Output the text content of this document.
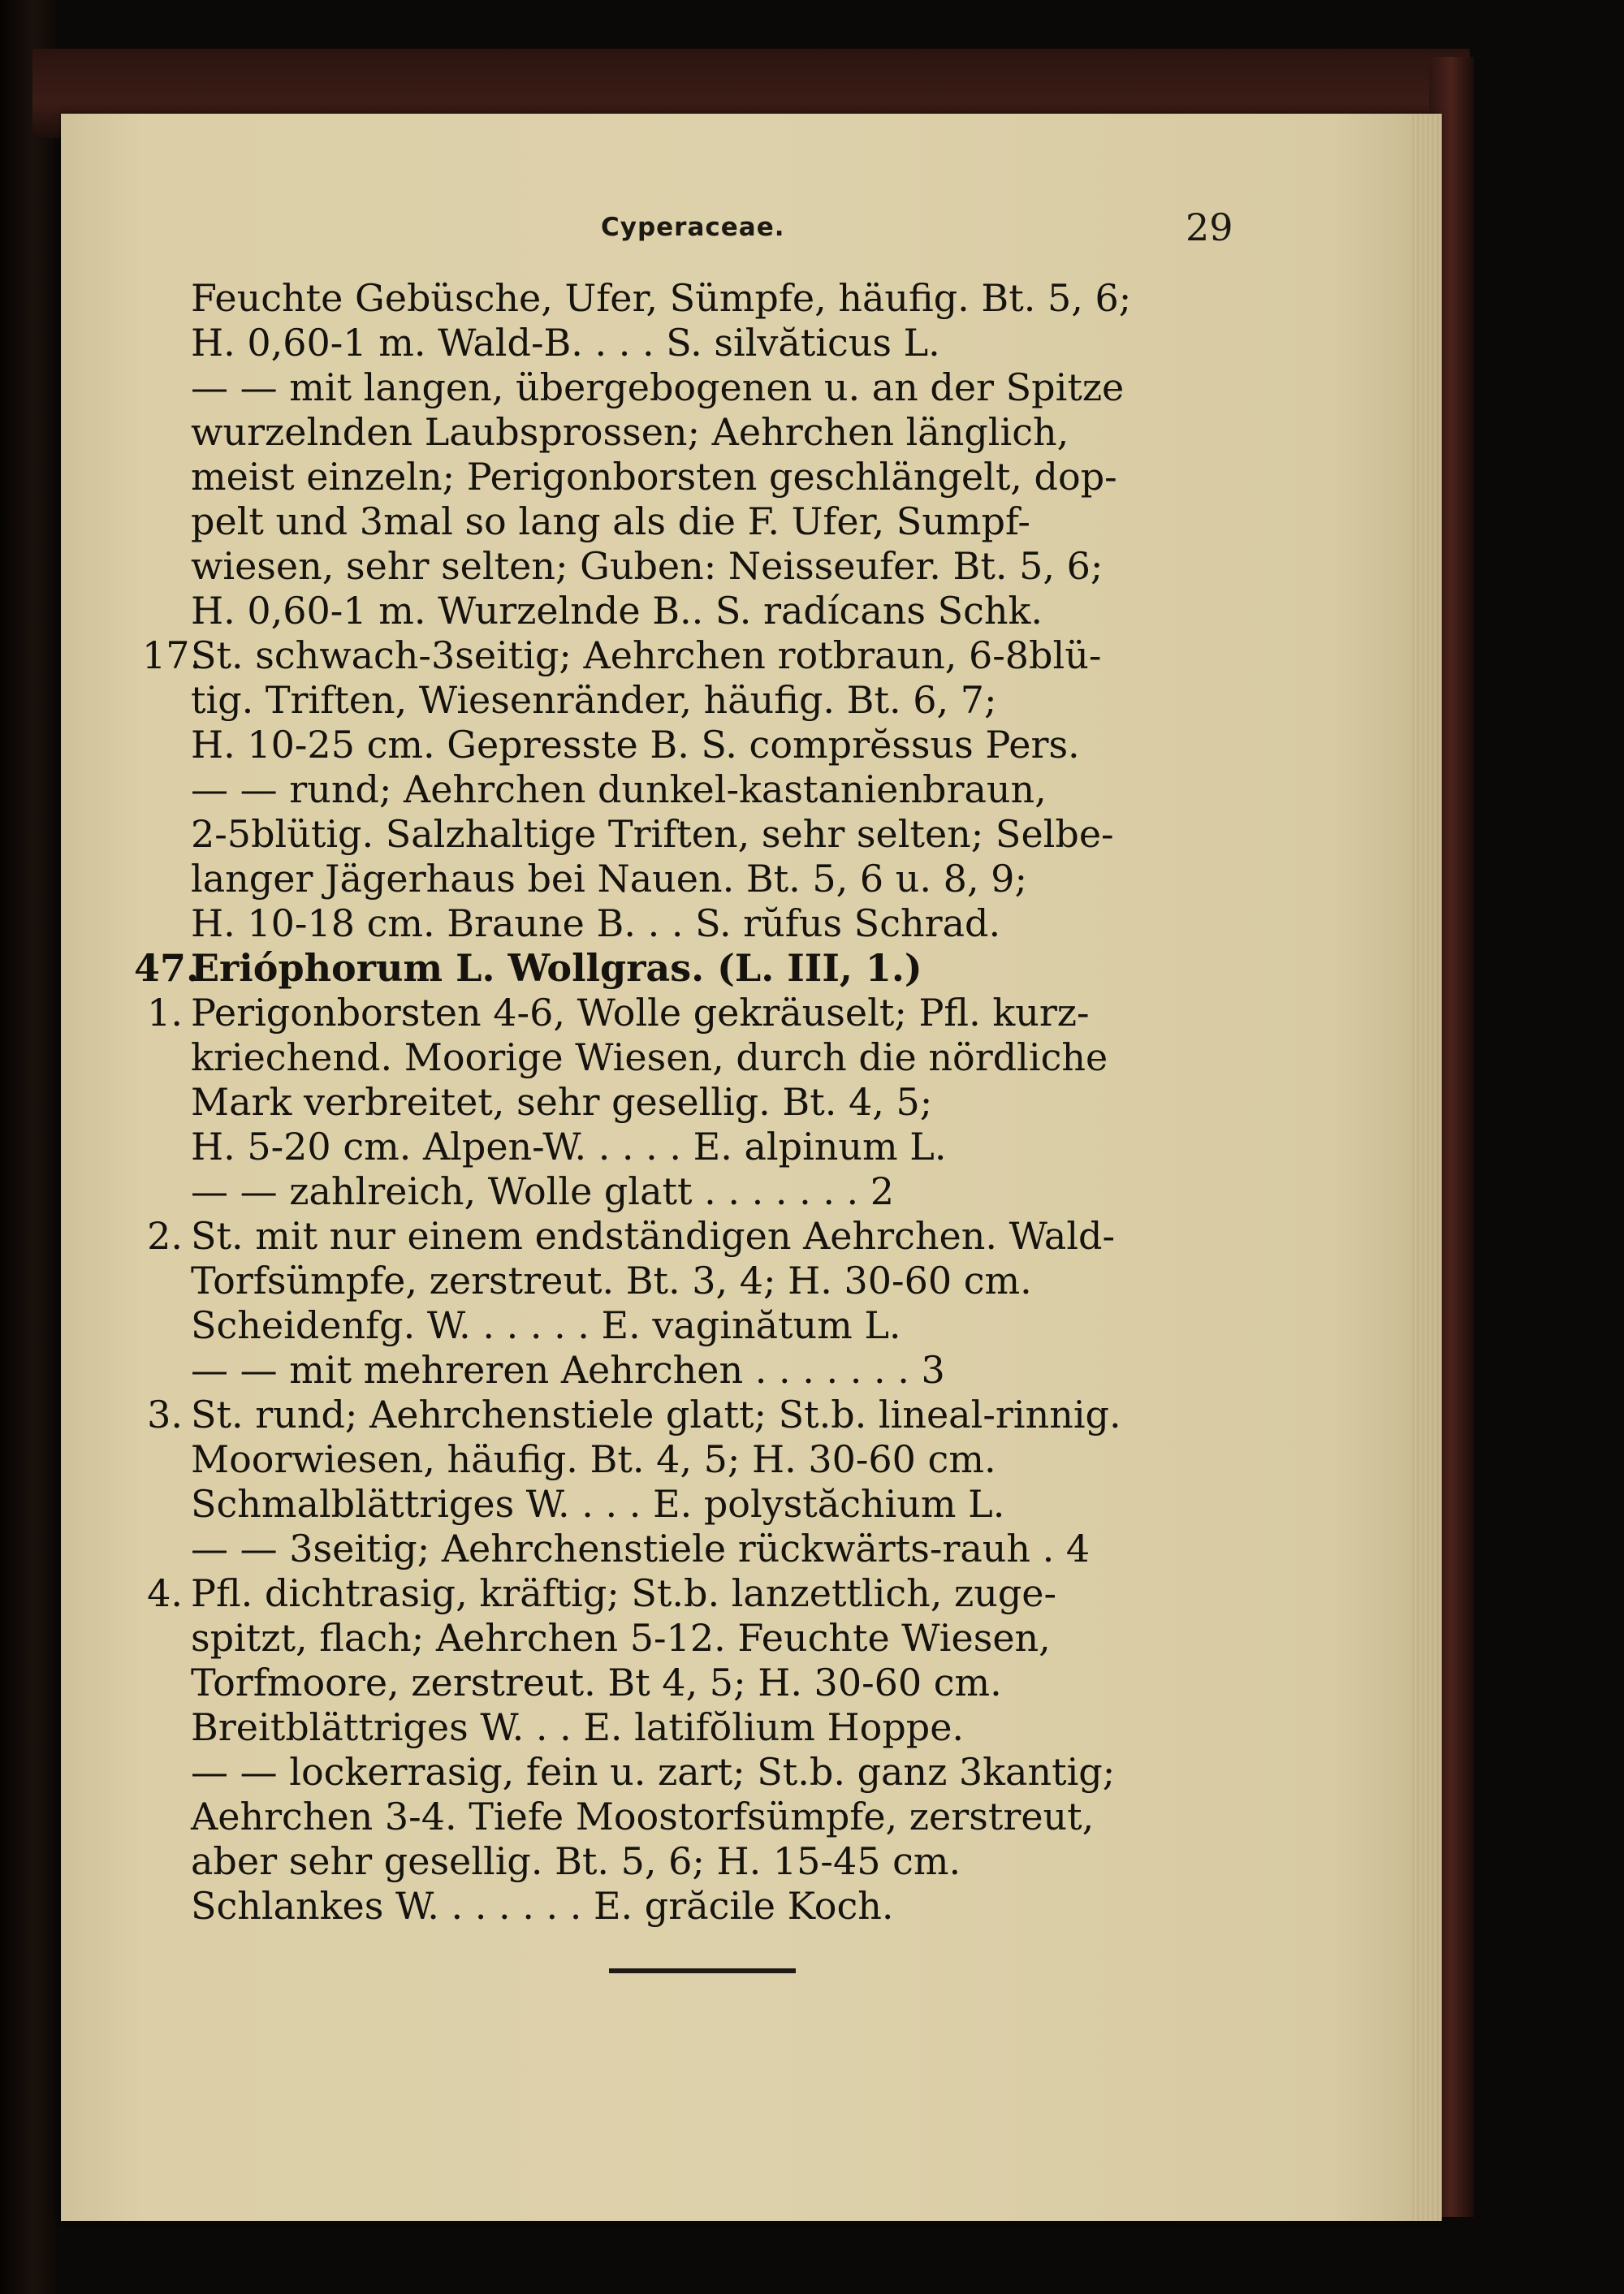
Cyperaceae.	29
Feuchte Gebüsche, Ufer, Sümpfe, häufig. Bt. 5, 6;
H. 0,60-1 m. Wald-B. . . . S. silvăticus L.
— — mit langen, übergebogenen u. an der Spitze
wurzelnden Laubsprossen; Aehrchen länglich,
meist einzeln; Perigonborsten geschlängelt, dop-
pelt und 3mal so lang als die F. Ufer, Sumpf-
wiesen, sehr selten; Guben: Neisseufer. Bt. 5, 6;
H. 0,60-1 m. Wurzelnde B.. S. radícans Schk.
17.
St. schwach-3seitig; Aehrchen rotbraun, 6-8blü-
tig. Triften, Wiesenränder, häufig. Bt. 6, 7;
H. 10-25 cm. Gepresste B. S. comprĕssus Pers.
— — rund; Aehrchen dunkel-kastanienbraun,
2-5blütig. Salzhaltige Triften, sehr selten; Selbe-
langer Jägerhaus bei Nauen. Bt. 5, 6 u. 8, 9;
H. 10-18 cm. Braune B. . . S. rŭfus Schrad.
47.
Erióphorum L. Wollgras. (L. III, 1.)
1. Perigonborsten 4-6, Wolle gekräuselt; Pfl. kurz-
kriechend. Moorige Wiesen, durch die nördliche
Mark verbreitet, sehr gesellig. Bt. 4, 5;
H. 5-20 cm. Alpen-W. . . . . E. alpinum L.
— — zahlreich, Wolle glatt . . . . . . . 2
2. St. mit nur einem endständigen Aehrchen. Wald-
Torfsümpfe, zerstreut. Bt. 3, 4; H. 30-60 cm.
Scheidenfg. W. . . . . . E. vaginătum L.
— — mit mehreren Aehrchen . . . . . . . 3
3. St. rund; Aehrchenstiele glatt; St.b. lineal-rinnig.
Moorwiesen, häufig. Bt. 4, 5; H. 30-60 cm.
Schmalblättriges W. . . . E. polystăchium L.
— — 3seitig; Aehrchenstiele rückwärts-rauh . 4
4. Pfl. dichtrasig, kräftig; St.b. lanzettlich, zuge-
spitzt, flach; Aehrchen 5-12. Feuchte Wiesen,
Torfmoore, zerstreut. Bt 4, 5; H. 30-60 cm.
Breitblättriges W. . . E. latifŏlium Hoppe.
— — lockerrasig, fein u. zart; St.b. ganz 3kantig;
Aehrchen 3-4. Tiefe Moostorfsümpfe, zerstreut,
aber sehr gesellig. Bt. 5, 6; H. 15-45 cm.
Schlankes W. . . . . . . E. grăcile Koch.
